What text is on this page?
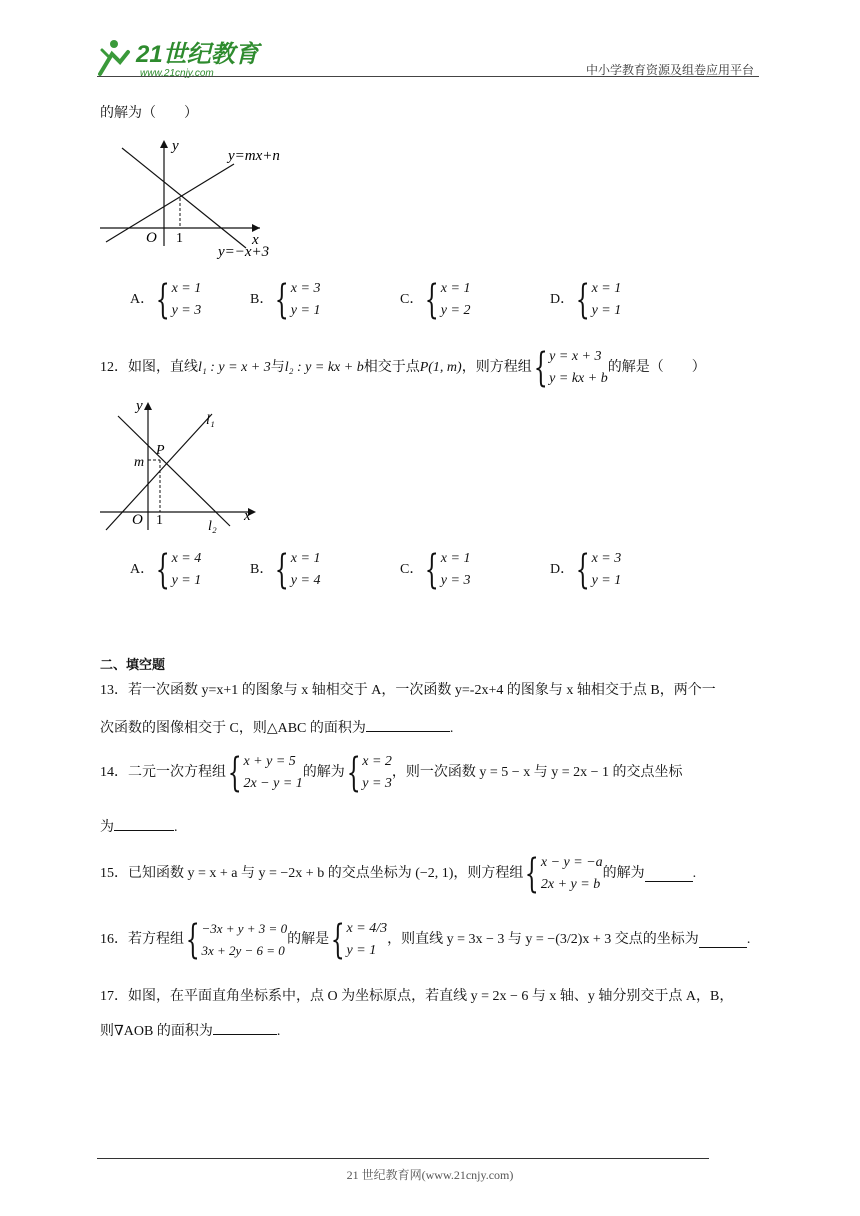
21世纪教育
www.21cnjy.com	中小学教育资源及组卷应用平台
的解为（　　）
y
x
O 1
y=mx+n
y=−x+3
A． { x = 1
y = 3
B． { x = 3
y = 1
C． { x = 1
y = 2
D． { x = 1
y = 1
12．如图，直线 l₁ : y = x + 3 与 l₂ : y = kx + b 相交于点 P(1, m) ，则方程组 { y = x + 3
y = kx + b
的解是（　　）
y
x
O 1
m
P
l₁
l₂
A． { x = 4
y = 1
B． { x = 1
y = 4
C． { x = 1
y = 3
D． { x = 3
y = 1
二、填空题
13．若一次函数 y=x+1 的图象与 x 轴相交于 A，一次函数 y=-2x+4 的图象与 x 轴相交于点 B，两个一
次函数的图像相交于 C，则△ABC 的面积为	.
14．二元一次方程组 { x + y = 5
2x − y = 1
的解为 { x = 2
y = 3
，则一次函数 y = 5 − x 与 y = 2x − 1 的交点坐标
为	.
15．已知函数 y = x + a 与 y = −2x + b 的交点坐标为 (−2, 1)，则方程组 { x − y = −a
2x + y = b
的解为	.
16．若方程组 { −3x + y + 3 = 0
3x + 2y − 6 = 0
的解是 { x = 4/3
y = 1
，则直线 y = 3x − 3 与 y = −(3/2)x + 3 交点的坐标为	.
17．如图，在平面直角坐标系中，点 O 为坐标原点，若直线 y = 2x − 6 与 x 轴、y 轴分别交于点 A，B，
则∇AOB 的面积为	.
21 世纪教育网(www.21cnjy.com)
